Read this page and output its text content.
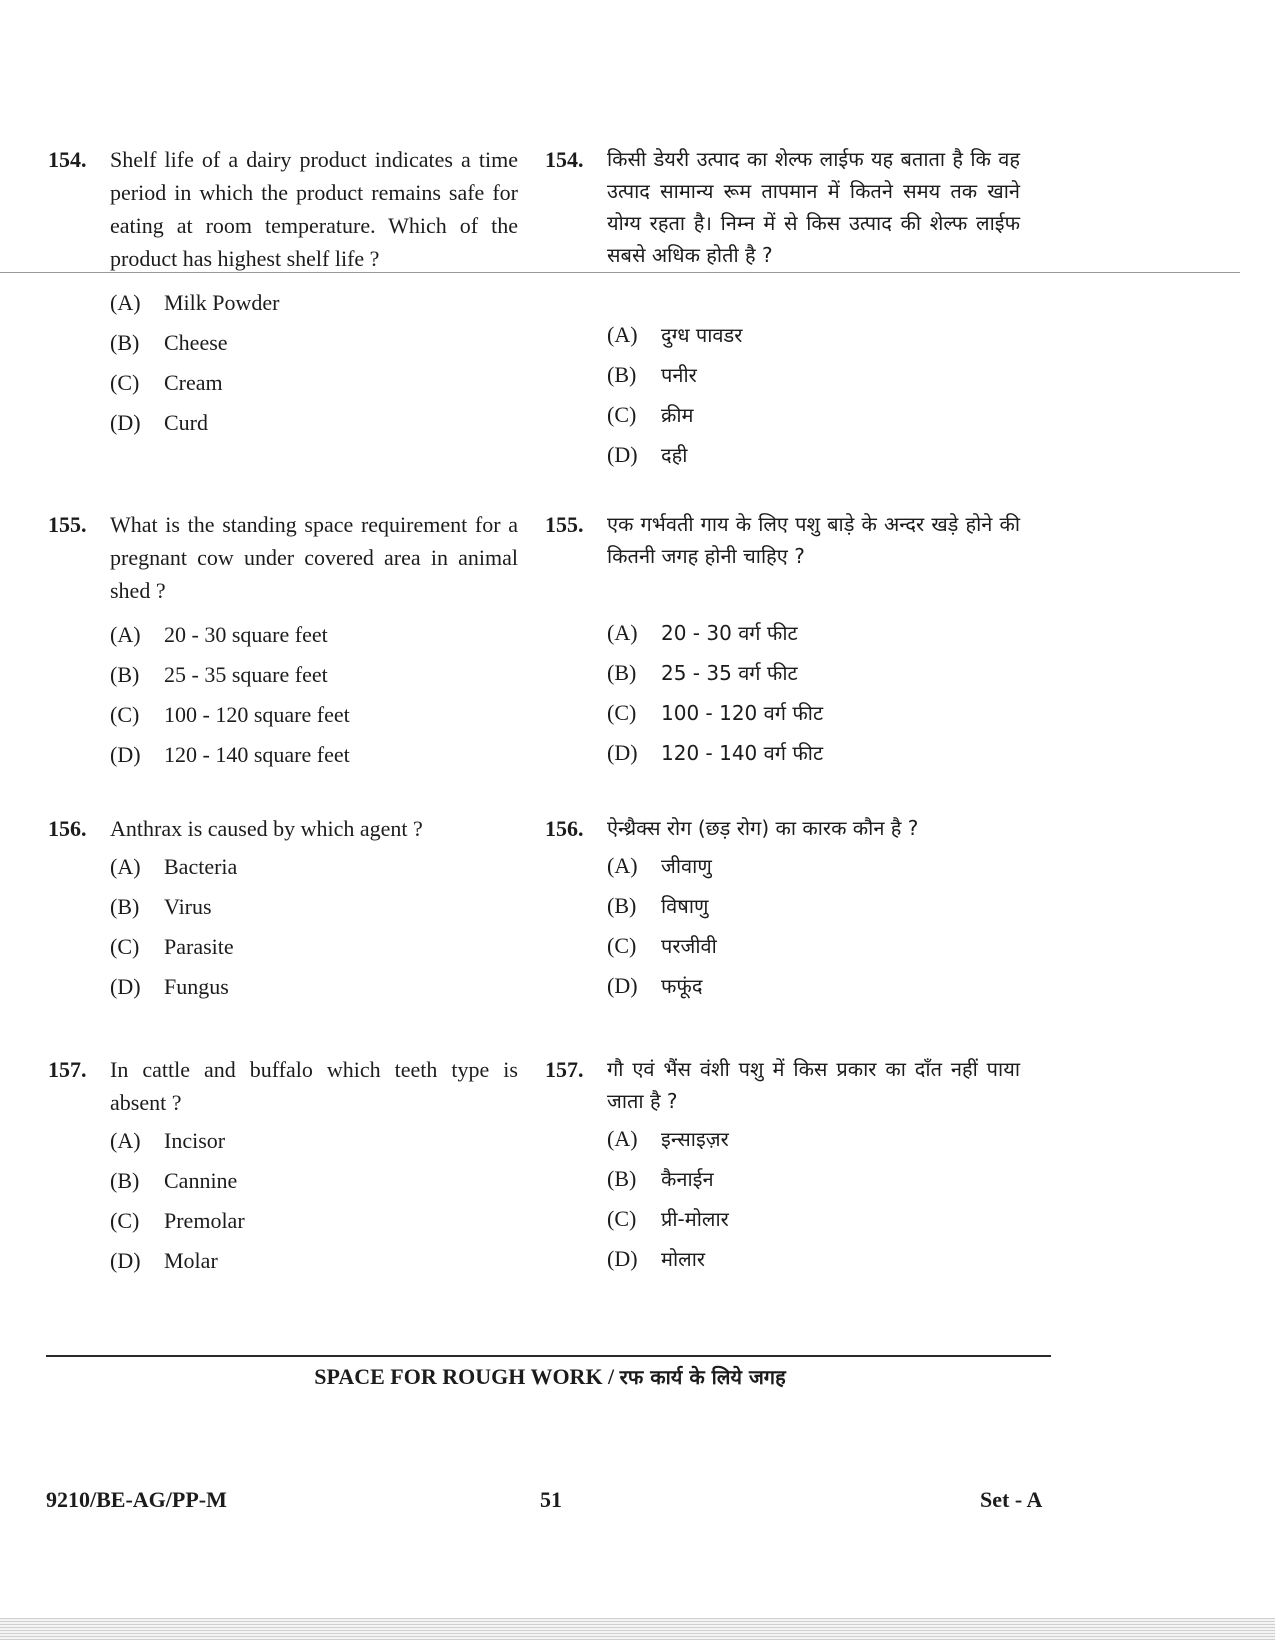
154. Shelf life of a dairy product indicates a time period in which the product remains safe for eating at room temperature. Which of the product has highest shelf life ?
(A)	Milk Powder
(B)	Cheese
(C)	Cream
(D)	Curd
155. What is the standing space requirement for a pregnant cow under covered area in animal shed ?
(A)	20 - 30 square feet
(B)	25 - 35 square feet
(C)	100 - 120 square feet
(D)	120 - 140 square feet
156. Anthrax is caused by which agent ?
(A)	Bacteria
(B)	Virus
(C)	Parasite
(D)	Fungus
157. In cattle and buffalo which teeth type is absent ?
(A)	Incisor
(B)	Cannine
(C)	Premolar
(D)	Molar
154. किसी डेयरी उत्पाद का शेल्फ लाईफ यह बताता है कि वह उत्पाद सामान्य रूम तापमान में कितने समय तक खाने योग्य रहता है। निम्न में से किस उत्पाद की शेल्फ लाईफ सबसे अधिक होती है ?
(A)	दुग्ध पावडर
(B)	पनीर
(C)	क्रीम
(D)	दही
155. एक गर्भवती गाय के लिए पशु बाड़े के अन्दर खड़े होने की कितनी जगह होनी चाहिए ?
(A)	20 - 30 वर्ग फीट
(B)	25 - 35 वर्ग फीट
(C)	100 - 120 वर्ग फीट
(D)	120 - 140 वर्ग फीट
156. ऐन्थ्रैक्स रोग (छड़ रोग) का कारक कौन है ?
(A)	जीवाणु
(B)	विषाणु
(C)	परजीवी
(D)	फफूंद
157. गौ एवं भैंस वंशी पशु में किस प्रकार का दाँत नहीं पाया जाता है ?
(A)	इन्साइज़र
(B)	कैनाईन
(C)	प्री-मोलार
(D)	मोलार
SPACE FOR ROUGH WORK / रफ कार्य के लिये जगह
9210/BE-AG/PP-M	51	Set - A
